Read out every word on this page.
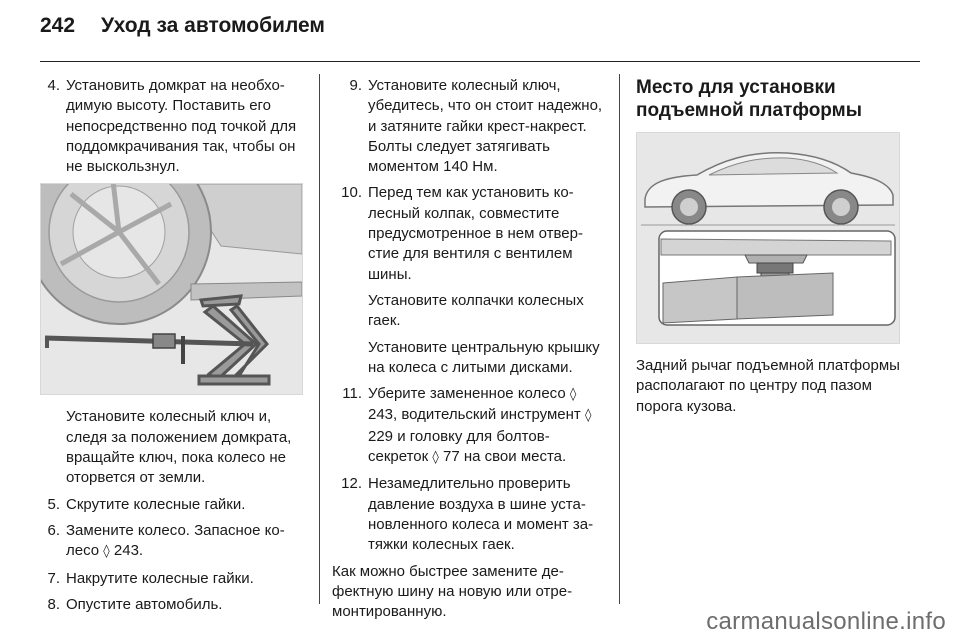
242 Уход за автомобилем
4. Установить домкрат на необходимую высоту. Поставить его непосредственно под точкой для поддомкрачивания так, чтобы он не выскользнул.
Установите колесный ключ и, следя за положением домкрата, вращайте ключ, пока колесо не оторвется от земли.
5. Скрутите колесные гайки.
6. Замените колесо. Запасное колесо ◊ 243.
7. Накрутите колесные гайки.
8. Опустите автомобиль.
9. Установите колесный ключ, убедитесь, что он стоит надежно, и затяните гайки крест-накрест. Болты следует затягивать моментом 140 Нм.
10. Перед тем как установить колесный колпак, совместите предусмотренное в нем отверстие для вентиля с вентилем шины.
Установите колпачки колесных гаек.
Установите центральную крышку на колеса с литыми дисками.
11. Уберите замененное колесо ◊ 243, водительский инструмент ◊ 229 и головку для болтов-секреток ◊ 77 на свои места.
12. Незамедлительно проверить давление воздуха в шине установленного колеса и момент затяжки колесных гаек.
Как можно быстрее замените дефектную шину на новую или отремонтированную.
Место для установки подъемной платформы
Задний рычаг подъемной платформы располагают по центру под пазом порога кузова.
carmanualsonline.info
